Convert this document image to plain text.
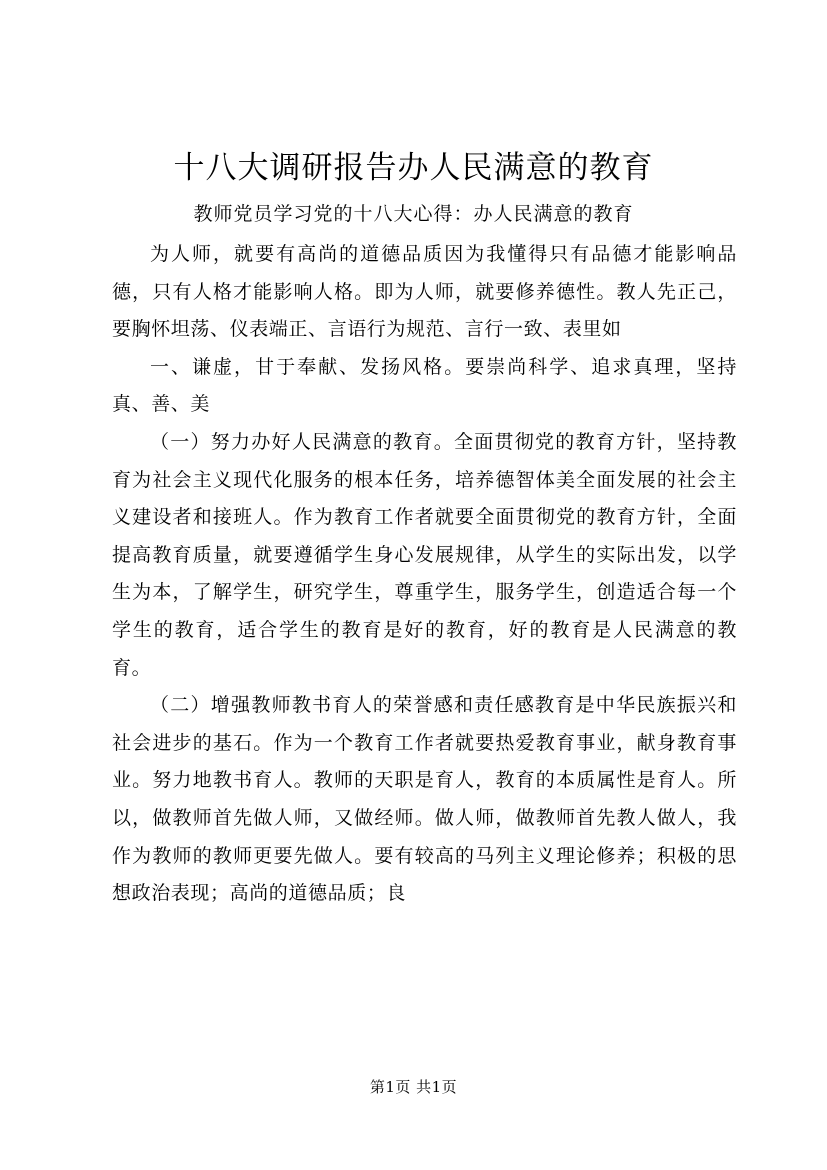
十八大调研报告办人民满意的教育
教师党员学习党的十八大心得：办人民满意的教育

为人师，就要有高尚的道德品质因为我懂得只有品德才能影响品德，只有人格才能影响人格。即为人师，就要修养德性。教人先正己，要胸怀坦荡、仪表端正、言语行为规范、言行一致、表里如

一、谦虚，甘于奉献、发扬风格。要崇尚科学、追求真理，坚持真、善、美

（一）努力办好人民满意的教育。全面贯彻党的教育方针，坚持教育为社会主义现代化服务的根本任务，培养德智体美全面发展的社会主义建设者和接班人。作为教育工作者就要全面贯彻党的教育方针，全面提高教育质量，就要遵循学生身心发展规律，从学生的实际出发，以学生为本，了解学生，研究学生，尊重学生，服务学生，创造适合每一个学生的教育，适合学生的教育是好的教育，好的教育是人民满意的教育。

（二）增强教师教书育人的荣誉感和责任感教育是中华民族振兴和社会进步的基石。作为一个教育工作者就要热爱教育事业，献身教育事业。努力地教书育人。教师的天职是育人，教育的本质属性是育人。所以，做教师首先做人师，又做经师。做人师，做教师首先教人做人，我作为教师的教师更要先做人。要有较高的马列主义理论修养；积极的思想政治表现；高尚的道德品质；良

第1页 共1页
